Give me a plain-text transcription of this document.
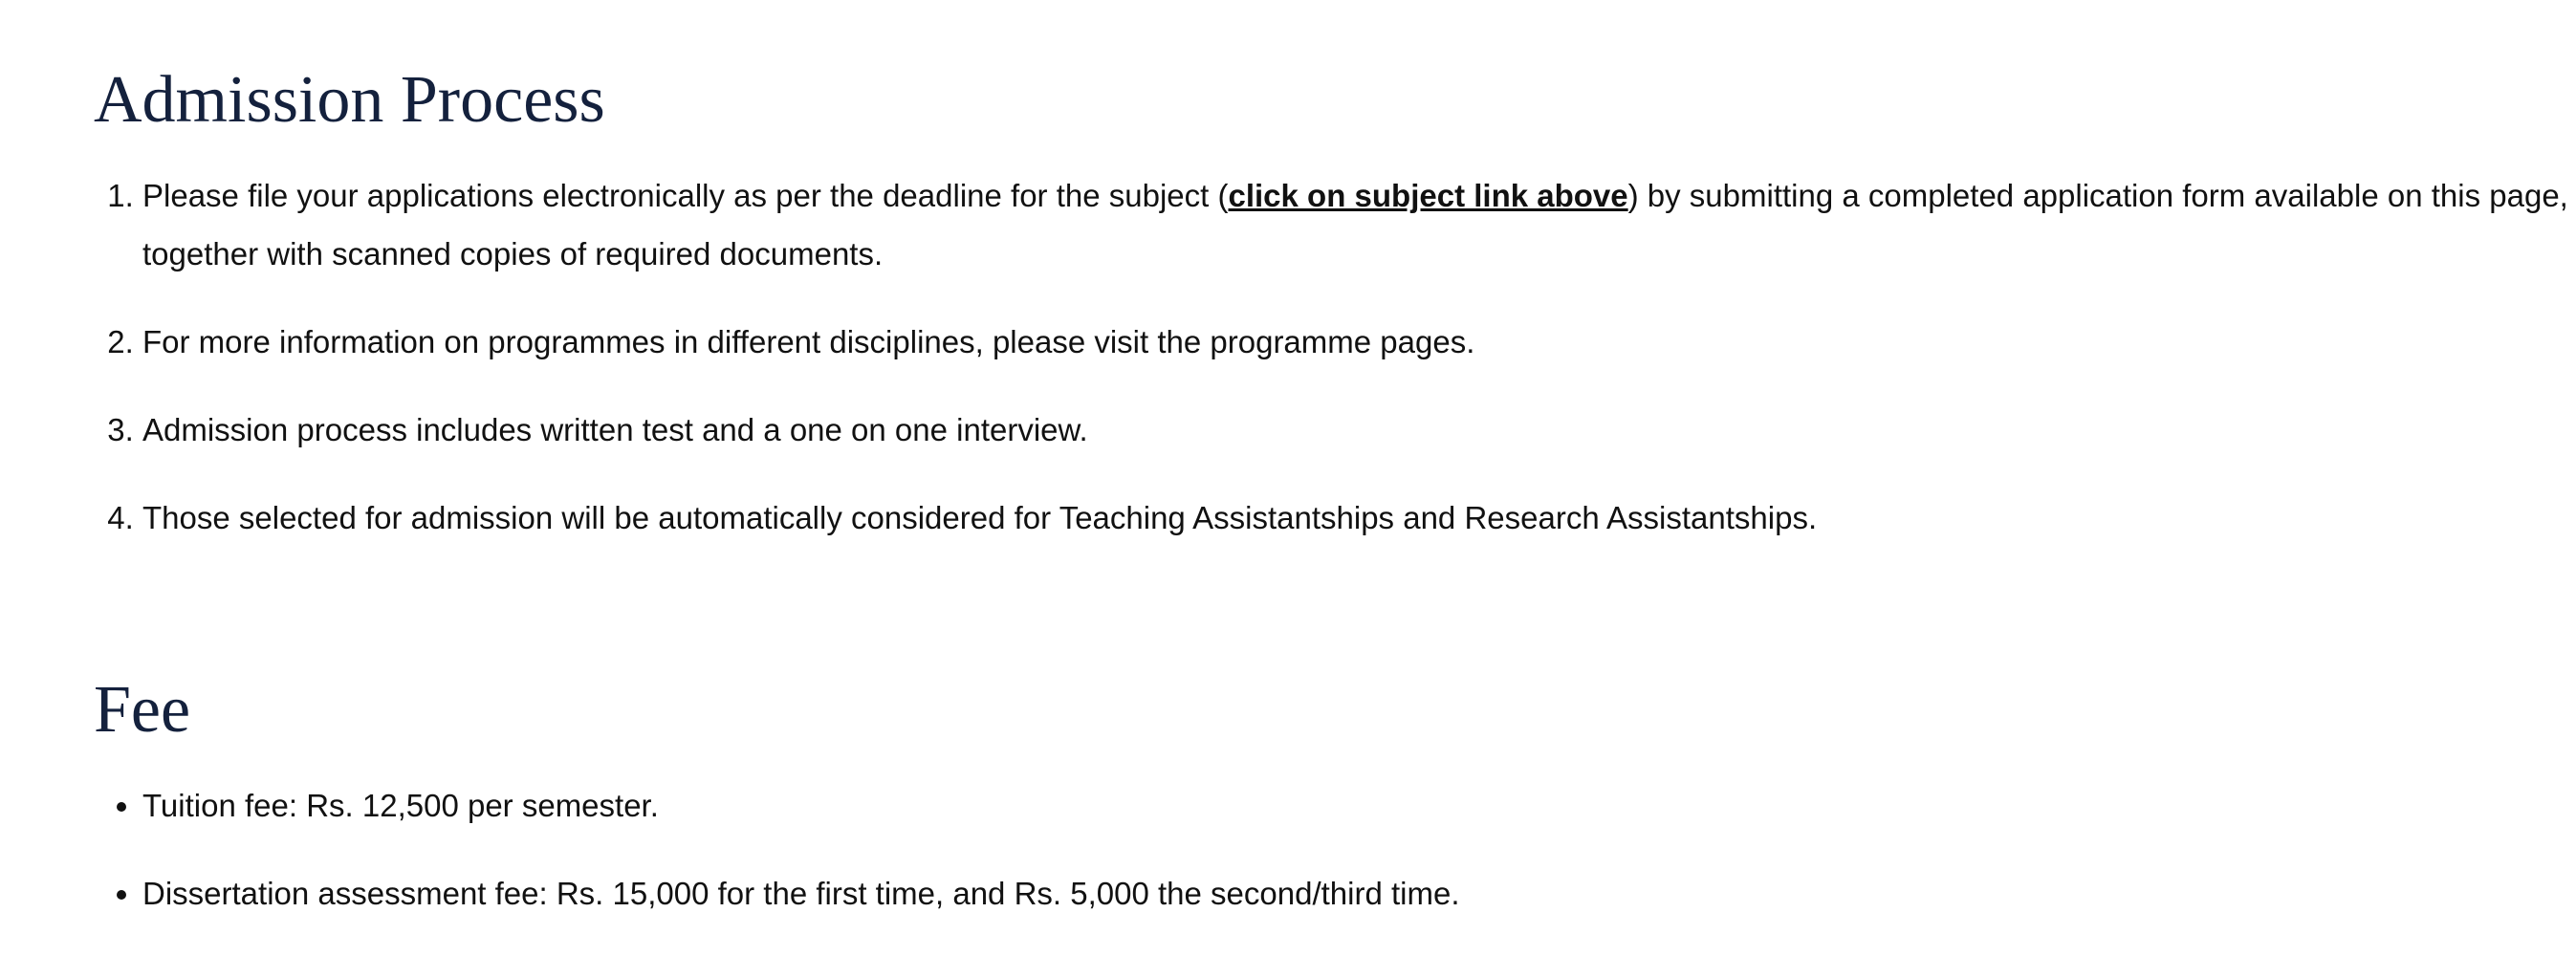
Admission Process
1. Please file your applications electronically as per the deadline for the subject (click on subject link above) by submitting a completed application form available on this page, together with scanned copies of required documents.
2. For more information on programmes in different disciplines, please visit the programme pages.
3. Admission process includes written test and a one on one interview.
4. Those selected for admission will be automatically considered for Teaching Assistantships and Research Assistantships.
Fee
• Tuition fee: Rs. 12,500 per semester.
• Dissertation assessment fee: Rs. 15,000 for the first time, and Rs. 5,000 the second/third time.
